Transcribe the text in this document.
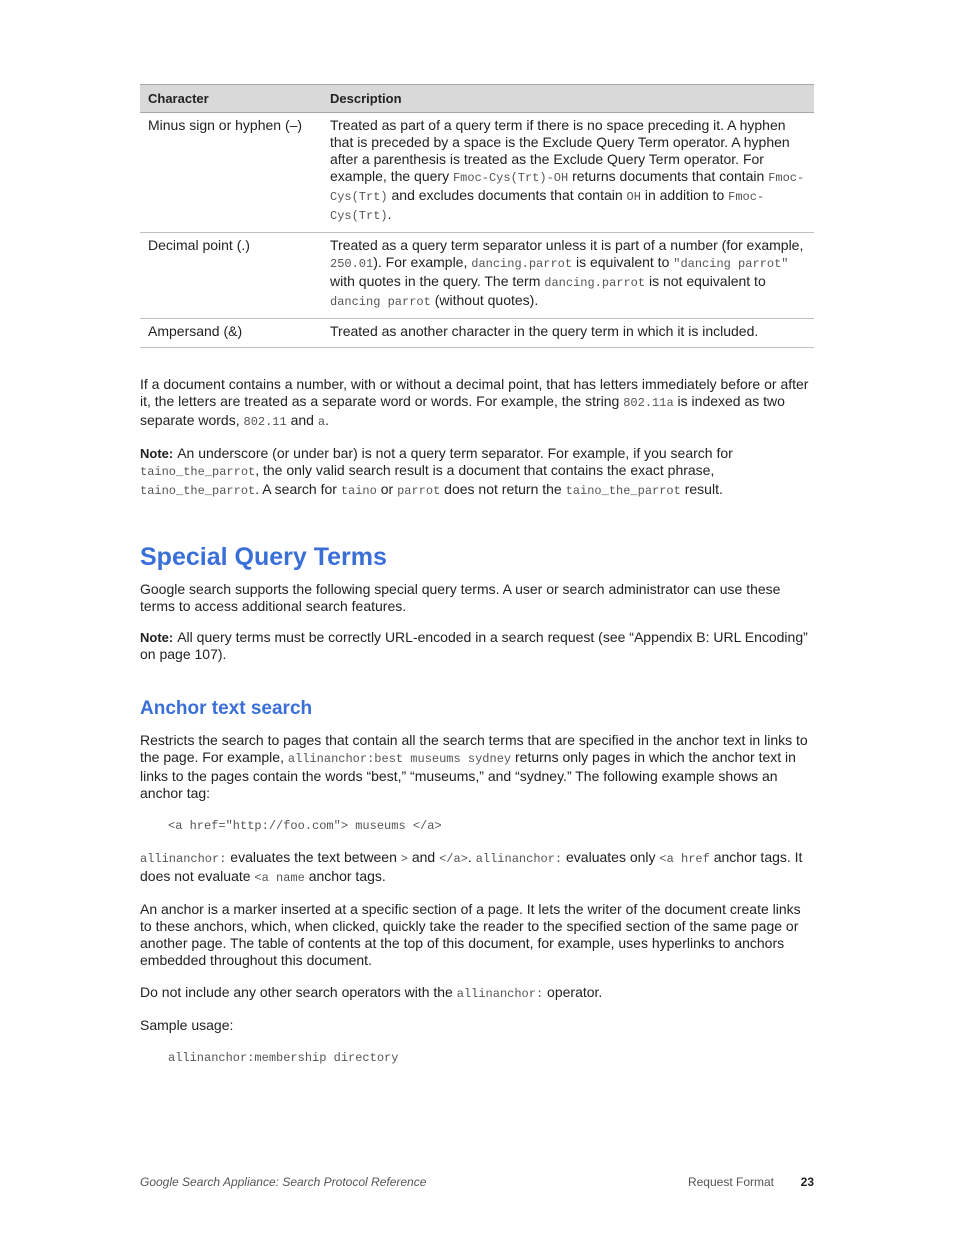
Character	Description
Minus sign or hyphen (–)	Treated as part of a query term if there is no space preceding it. A hyphen that is preceded by a space is the Exclude Query Term operator. A hyphen after a parenthesis is treated as the Exclude Query Term operator. For example, the query Fmoc-Cys(Trt)-OH returns documents that contain Fmoc-Cys(Trt) and excludes documents that contain OH in addition to Fmoc-Cys(Trt).
Decimal point (.)	Treated as a query term separator unless it is part of a number (for example, 250.01). For example, dancing.parrot is equivalent to "dancing parrot" with quotes in the query. The term dancing.parrot is not equivalent to dancing parrot (without quotes).
Ampersand (&)	Treated as another character in the query term in which it is included.

If a document contains a number, with or without a decimal point, that has letters immediately before or after it, the letters are treated as a separate word or words. For example, the string 802.11a is indexed as two separate words, 802.11 and a.

Note: An underscore (or under bar) is not a query term separator. For example, if you search for taino_the_parrot, the only valid search result is a document that contains the exact phrase, taino_the_parrot. A search for taino or parrot does not return the taino_the_parrot result.

Special Query Terms

Google search supports the following special query terms. A user or search administrator can use these terms to access additional search features.

Note: All query terms must be correctly URL-encoded in a search request (see “Appendix B: URL Encoding” on page 107).

Anchor text search

Restricts the search to pages that contain all the search terms that are specified in the anchor text in links to the page. For example, allinanchor:best museums sydney returns only pages in which the anchor text in links to the pages contain the words “best,” “museums,” and “sydney.” The following example shows an anchor tag:

<a href="http://foo.com"> museums </a>

allinanchor: evaluates the text between > and </a>. allinanchor: evaluates only <a href anchor tags. It does not evaluate <a name anchor tags.

An anchor is a marker inserted at a specific section of a page. It lets the writer of the document create links to these anchors, which, when clicked, quickly take the reader to the specified section of the same page or another page. The table of contents at the top of this document, for example, uses hyperlinks to anchors embedded throughout this document.

Do not include any other search operators with the allinanchor: operator.

Sample usage:

allinanchor:membership directory

Google Search Appliance: Search Protocol Reference	Request Format 23
